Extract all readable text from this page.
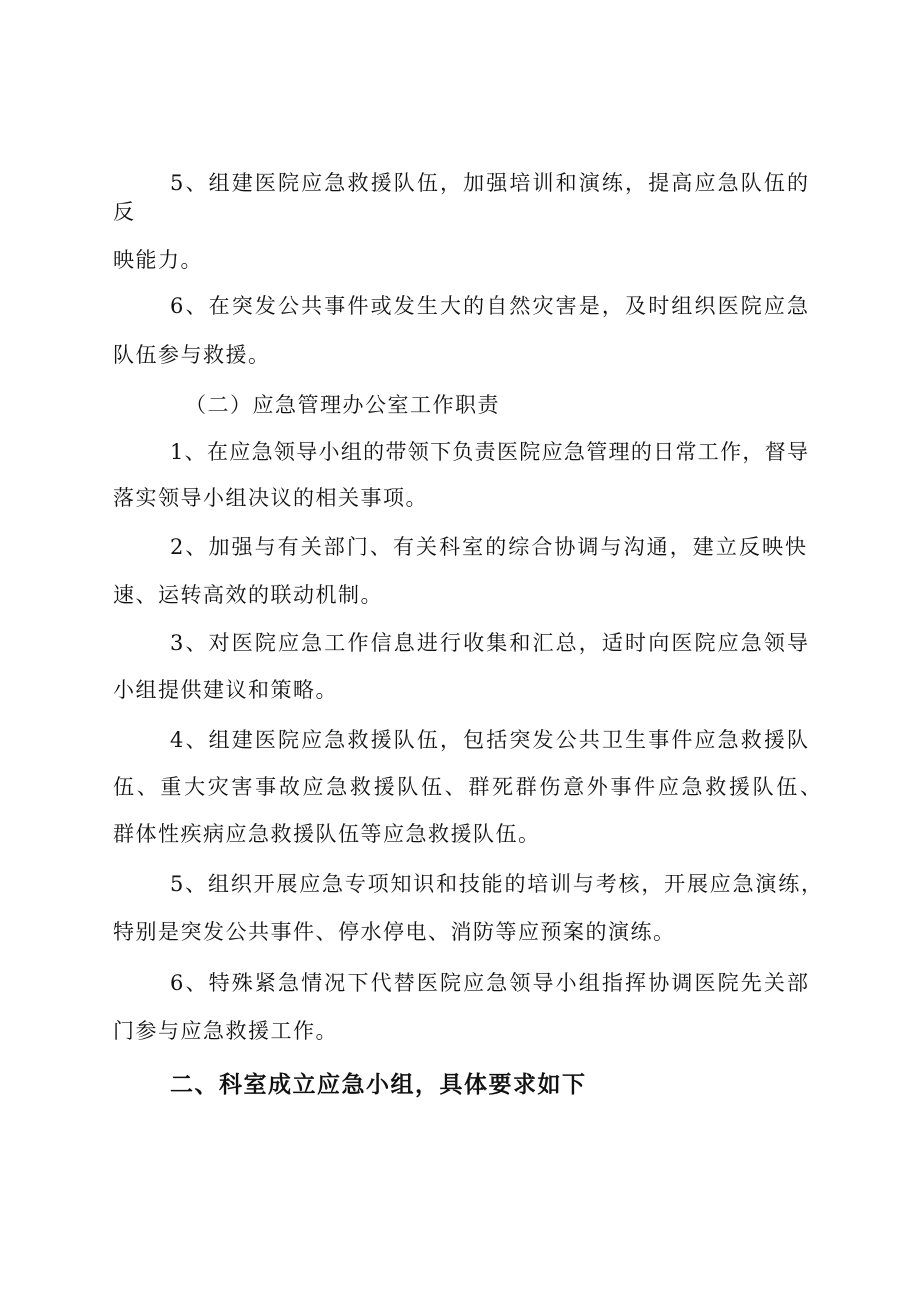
5、组建医院应急救援队伍，加强培训和演练，提高应急队伍的
反
映能力。
6、在突发公共事件或发生大的自然灾害是，及时组织医院应急
队伍参与救援。
（二）应急管理办公室工作职责
1、在应急领导小组的带领下负责医院应急管理的日常工作，督导
落实领导小组决议的相关事项。
2、加强与有关部门、有关科室的综合协调与沟通，建立反映快
速、运转高效的联动机制。
3、对医院应急工作信息进行收集和汇总，适时向医院应急领导
小组提供建议和策略。
4、组建医院应急救援队伍，包括突发公共卫生事件应急救援队
伍、重大灾害事故应急救援队伍、群死群伤意外事件应急救援队伍、
群体性疾病应急救援队伍等应急救援队伍。
5、组织开展应急专项知识和技能的培训与考核，开展应急演练，
特别是突发公共事件、停水停电、消防等应预案的演练。
6、特殊紧急情况下代替医院应急领导小组指挥协调医院先关部
门参与应急救援工作。
二、科室成立应急小组，具体要求如下
